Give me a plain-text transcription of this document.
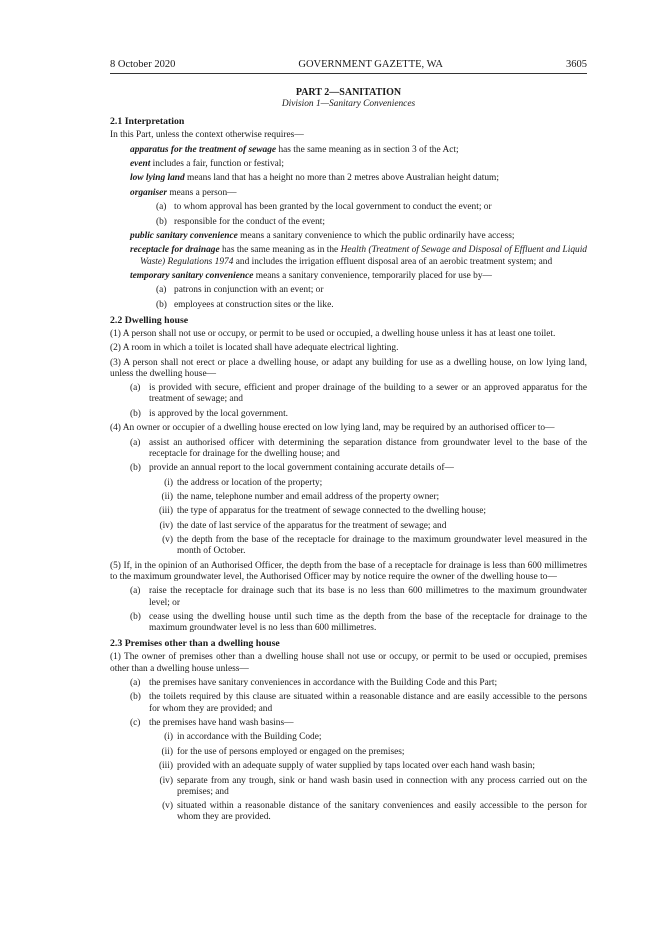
8 October 2020	GOVERNMENT GAZETTE, WA	3605
PART 2—SANITATION
Division 1—Sanitary Conveniences
2.1 Interpretation

In this Part, unless the context otherwise requires—

apparatus for the treatment of sewage has the same meaning as in section 3 of the Act;

event includes a fair, function or festival;

low lying land means land that has a height no more than 2 metres above Australian height datum;

organiser means a person—

(a) to whom approval has been granted by the local government to conduct the event; or
(b) responsible for the conduct of the event;

public sanitary convenience means a sanitary convenience to which the public ordinarily have access;

receptacle for drainage has the same meaning as in the Health (Treatment of Sewage and Disposal of Effluent and Liquid Waste) Regulations 1974 and includes the irrigation effluent disposal area of an aerobic treatment system; and

temporary sanitary convenience means a sanitary convenience, temporarily placed for use by—

(a) patrons in conjunction with an event; or
(b) employees at construction sites or the like.
2.2 Dwelling house

(1) A person shall not use or occupy, or permit to be used or occupied, a dwelling house unless it has at least one toilet.

(2) A room in which a toilet is located shall have adequate electrical lighting.

(3) A person shall not erect or place a dwelling house, or adapt any building for use as a dwelling house, on low lying land, unless the dwelling house—

(a) is provided with secure, efficient and proper drainage of the building to a sewer or an approved apparatus for the treatment of sewage; and
(b) is approved by the local government.

(4) An owner or occupier of a dwelling house erected on low lying land, may be required by an authorised officer to—

(a) assist an authorised officer with determining the separation distance from groundwater level to the base of the receptacle for drainage for the dwelling house; and
(b) provide an annual report to the local government containing accurate details of—
(i) the address or location of the property;
(ii) the name, telephone number and email address of the property owner;
(iii) the type of apparatus for the treatment of sewage connected to the dwelling house;
(iv) the date of last service of the apparatus for the treatment of sewage; and
(v) the depth from the base of the receptacle for drainage to the maximum groundwater level measured in the month of October.

(5) If, in the opinion of an Authorised Officer, the depth from the base of a receptacle for drainage is less than 600 millimetres to the maximum groundwater level, the Authorised Officer may by notice require the owner of the dwelling house to—

(a) raise the receptacle for drainage such that its base is no less than 600 millimetres to the maximum groundwater level; or
(b) cease using the dwelling house until such time as the depth from the base of the receptacle for drainage to the maximum groundwater level is no less than 600 millimetres.
2.3 Premises other than a dwelling house

(1) The owner of premises other than a dwelling house shall not use or occupy, or permit to be used or occupied, premises other than a dwelling house unless—

(a) the premises have sanitary conveniences in accordance with the Building Code and this Part;
(b) the toilets required by this clause are situated within a reasonable distance and are easily accessible to the persons for whom they are provided; and
(c) the premises have hand wash basins—
(i) in accordance with the Building Code;
(ii) for the use of persons employed or engaged on the premises;
(iii) provided with an adequate supply of water supplied by taps located over each hand wash basin;
(iv) separate from any trough, sink or hand wash basin used in connection with any process carried out on the premises; and
(v) situated within a reasonable distance of the sanitary conveniences and easily accessible to the person for whom they are provided.
